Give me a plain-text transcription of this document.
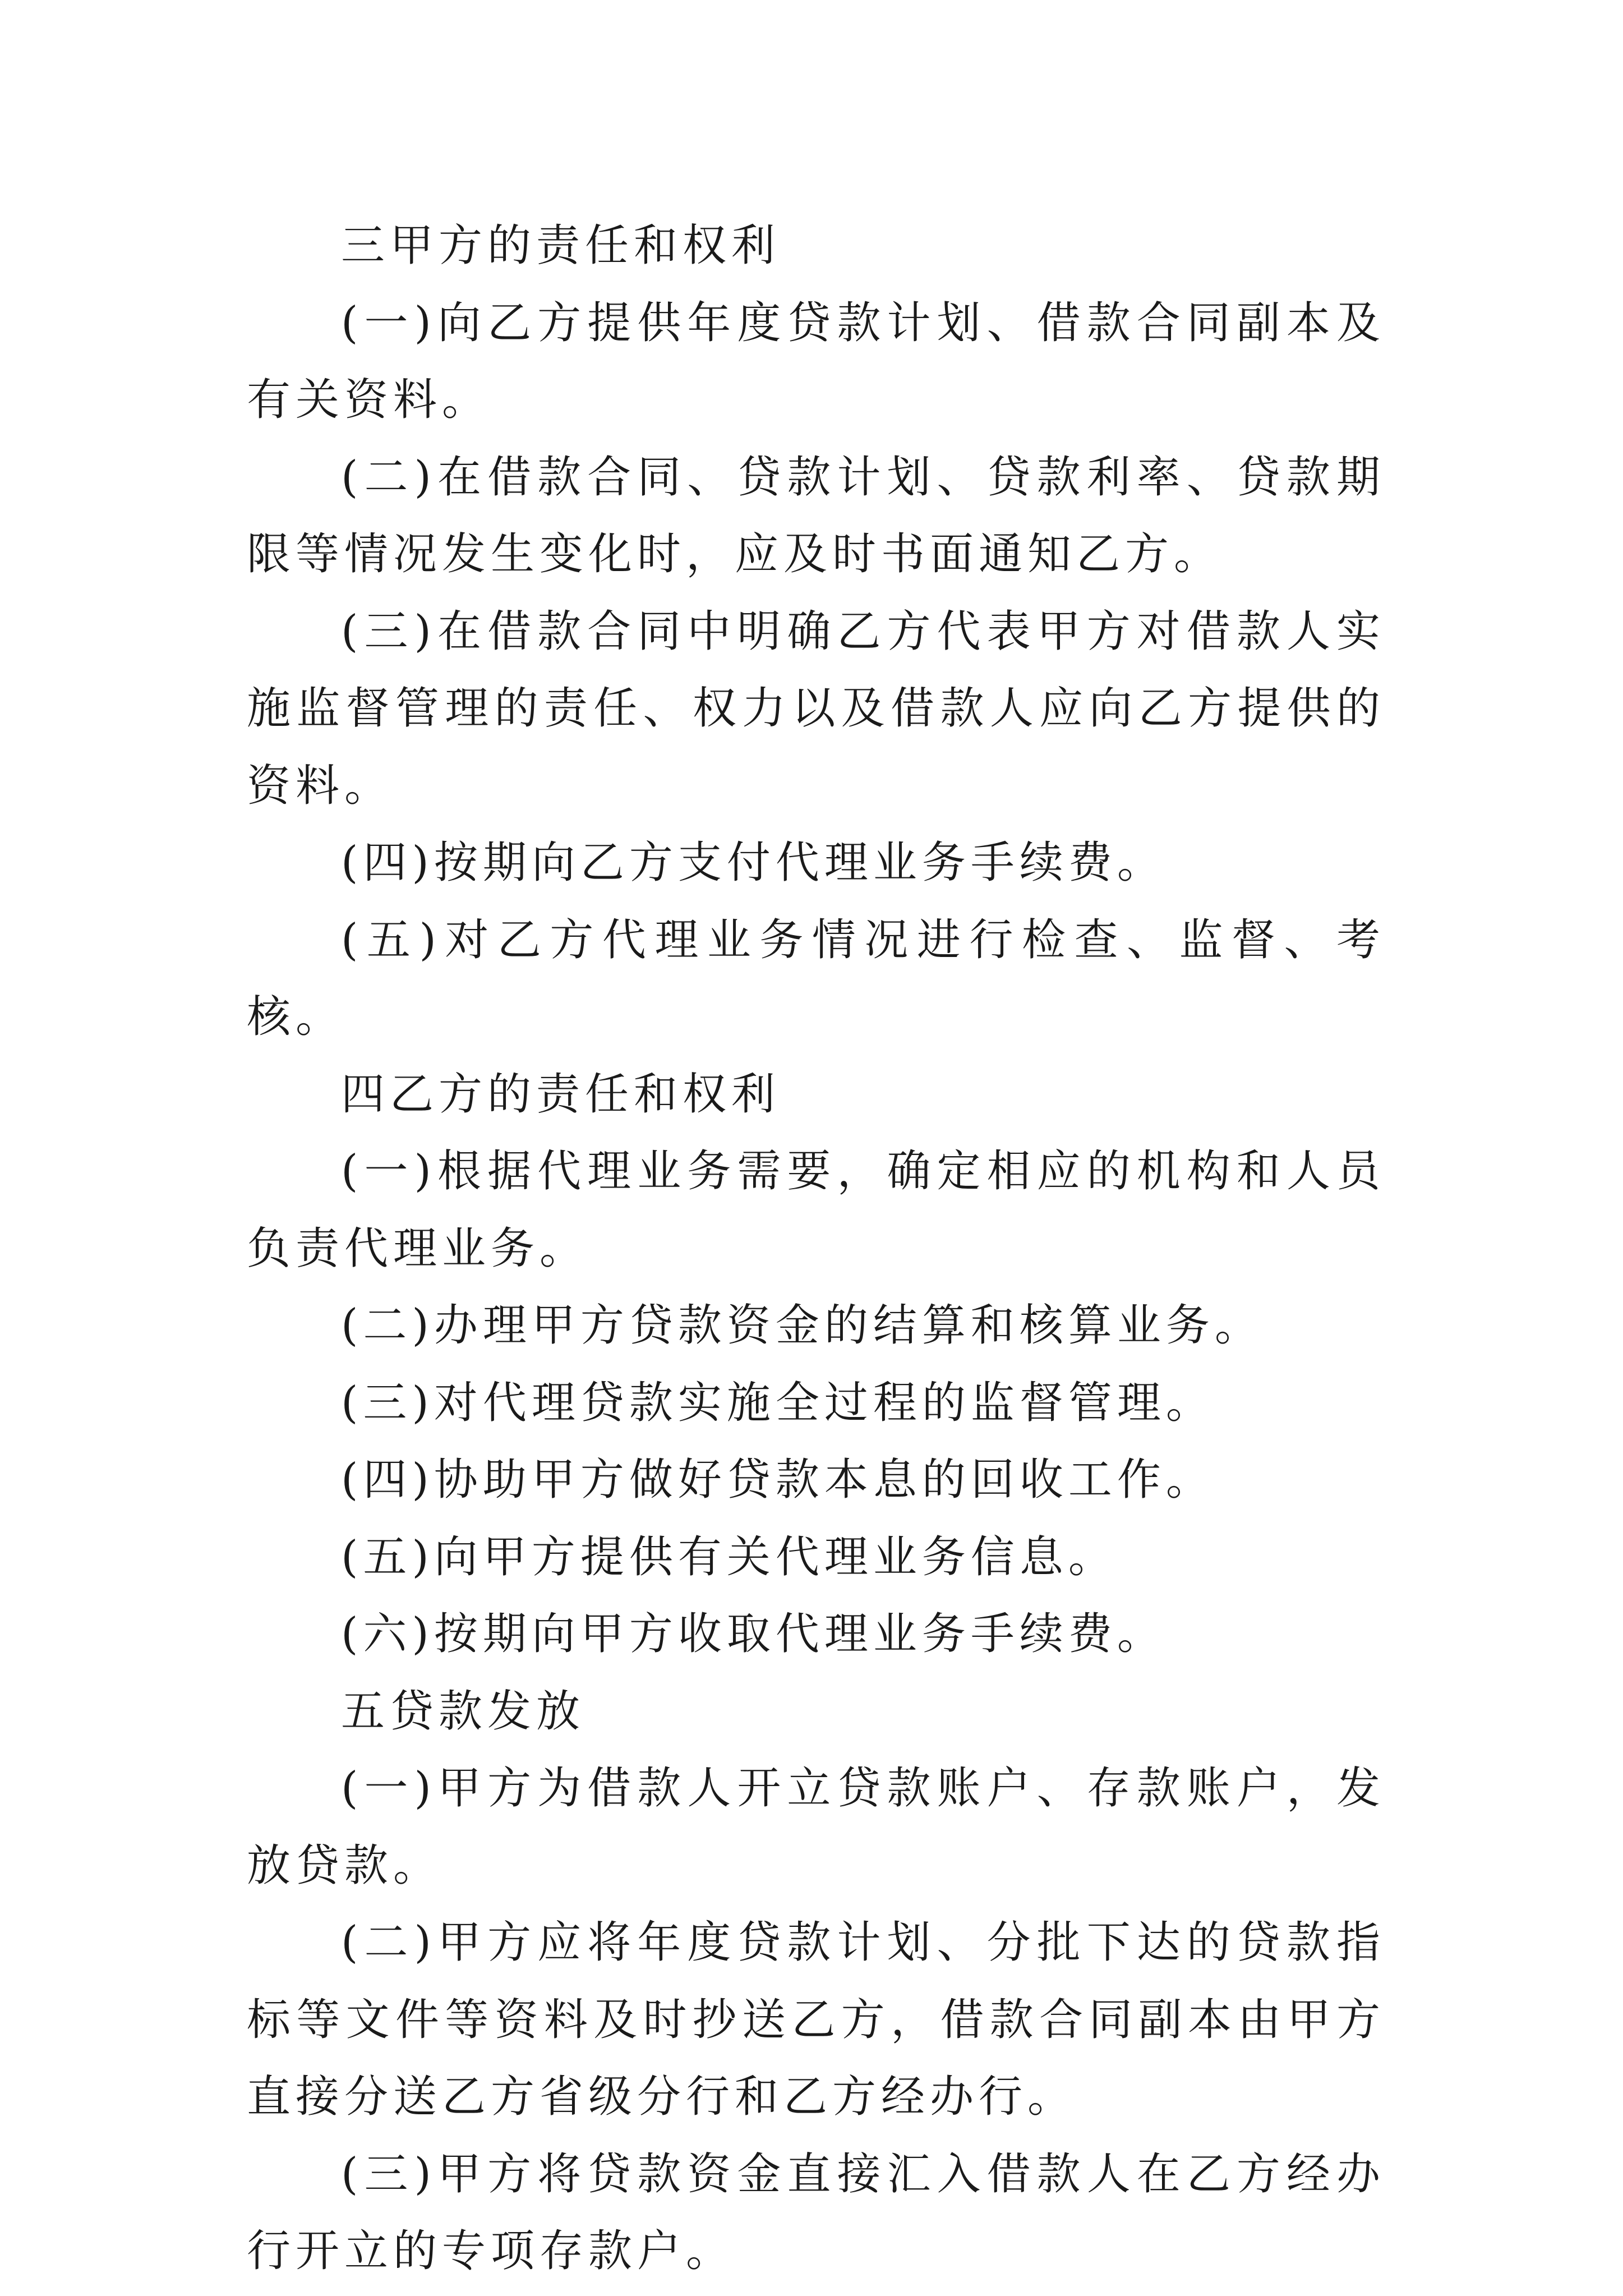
三甲方的责任和权利

(一)向乙方提供年度贷款计划、借款合同副本及有关资料。

(二)在借款合同、贷款计划、贷款利率、贷款期限等情况发生变化时，应及时书面通知乙方。

(三)在借款合同中明确乙方代表甲方对借款人实施监督管理的责任、权力以及借款人应向乙方提供的资料。

(四)按期向乙方支付代理业务手续费。

(五)对乙方代理业务情况进行检查、监督、考核。

四乙方的责任和权利

(一)根据代理业务需要，确定相应的机构和人员负责代理业务。

(二)办理甲方贷款资金的结算和核算业务。

(三)对代理贷款实施全过程的监督管理。

(四)协助甲方做好贷款本息的回收工作。

(五)向甲方提供有关代理业务信息。

(六)按期向甲方收取代理业务手续费。

五贷款发放

(一)甲方为借款人开立贷款账户、存款账户，发放贷款。

(二)甲方应将年度贷款计划、分批下达的贷款指标等文件等资料及时抄送乙方，借款合同副本由甲方直接分送乙方省级分行和乙方经办行。

(三)甲方将贷款资金直接汇入借款人在乙方经办行开立的专项存款户。
